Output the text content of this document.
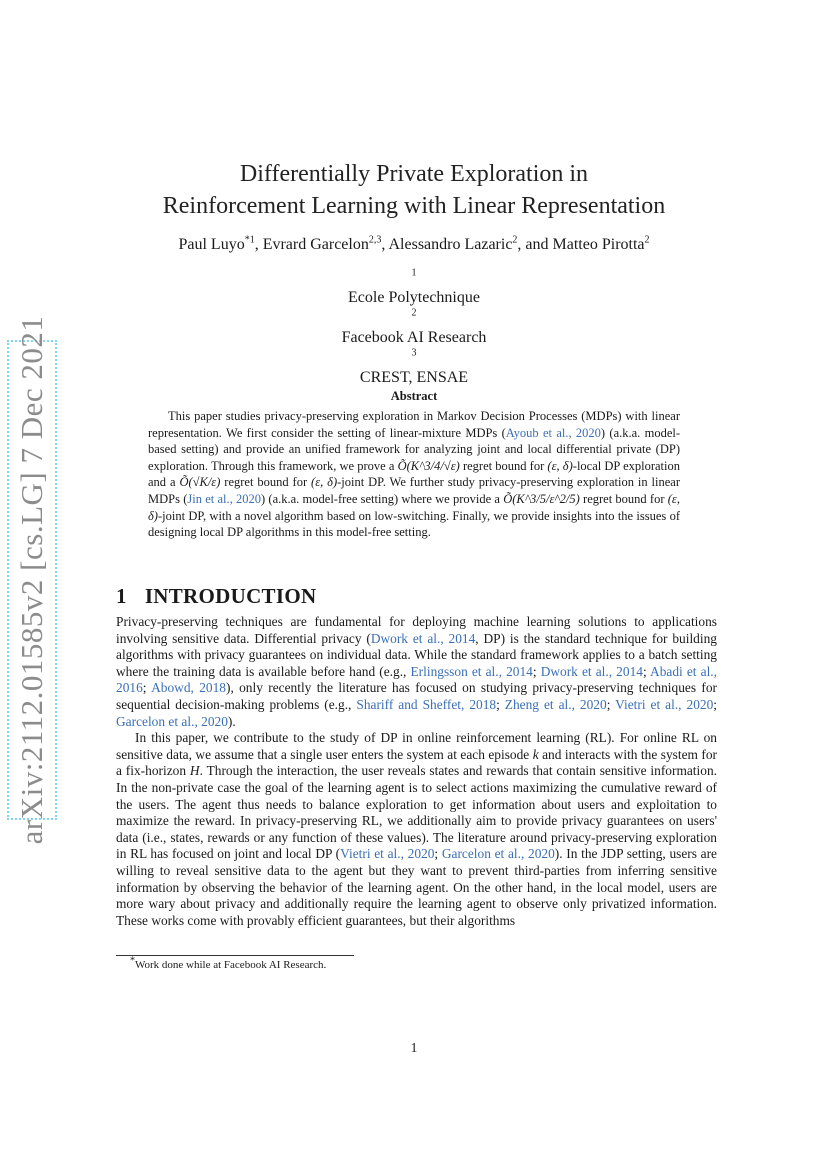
arXiv:2112.01585v2 [cs.LG] 7 Dec 2021
Differentially Private Exploration in
Reinforcement Learning with Linear Representation
Paul Luyo$^{*1}$, Evrard Garcelon$^{2,3}$, Alessandro Lazaric$^2$, and Matteo Pirotta$^2$
$^1$
Ecole Polytechnique
$^2$
Facebook AI Research
$^3$
CREST, ENSAE
Abstract

This paper studies privacy-preserving exploration in Markov Decision Processes (MDPs) with linear representation. We first consider the setting of linear-mixture MDPs (Ayoub et al., 2020) (a.k.a. model-based setting) and provide an unified framework for analyzing joint and local differential private (DP) exploration. Through this framework, we prove a Õ(K^3/4/√ε) regret bound for (ε, δ)-local DP exploration and a Õ(√K/ε) regret bound for (ε, δ)-joint DP. We further study privacy-preserving exploration in linear MDPs (Jin et al., 2020) (a.k.a. model-free setting) where we provide a Õ(K^3/5/ε^2/5) regret bound for (ε, δ)-joint DP, with a novel algorithm based on low-switching. Finally, we provide insights into the issues of designing local DP algorithms in this model-free setting.

1 INTRODUCTION

Privacy-preserving techniques are fundamental for deploying machine learning solutions to applications involving sensitive data. Differential privacy (Dwork et al., 2014, DP) is the standard technique for building algorithms with privacy guarantees on individual data. While the standard framework applies to a batch setting where the training data is available before hand (e.g., Erlingsson et al., 2014; Dwork et al., 2014; Abadi et al., 2016; Abowd, 2018), only recently the literature has focused on studying privacy-preserving techniques for sequential decision-making problems (e.g., Shariff and Sheffet, 2018; Zheng et al., 2020; Vietri et al., 2020; Garcelon et al., 2020).

In this paper, we contribute to the study of DP in online reinforcement learning (RL). For online RL on sensitive data, we assume that a single user enters the system at each episode k and interacts with the system for a fix-horizon H. Through the interaction, the user reveals states and rewards that contain sensitive information. In the non-private case the goal of the learning agent is to select actions maximizing the cumulative reward of the users. The agent thus needs to balance exploration to get information about users and exploitation to maximize the reward. In privacy-preserving RL, we additionally aim to provide privacy guarantees on users' data (i.e., states, rewards or any function of these values). The literature around privacy-preserving exploration in RL has focused on joint and local DP (Vietri et al., 2020; Garcelon et al., 2020). In the JDP setting, users are willing to reveal sensitive data to the agent but they want to prevent third-parties from inferring sensitive information by observing the behavior of the learning agent. On the other hand, in the local model, users are more wary about privacy and additionally require the learning agent to observe only privatized information. These works come with provably efficient guarantees, but their algorithms

*Work done while at Facebook AI Research.
1
